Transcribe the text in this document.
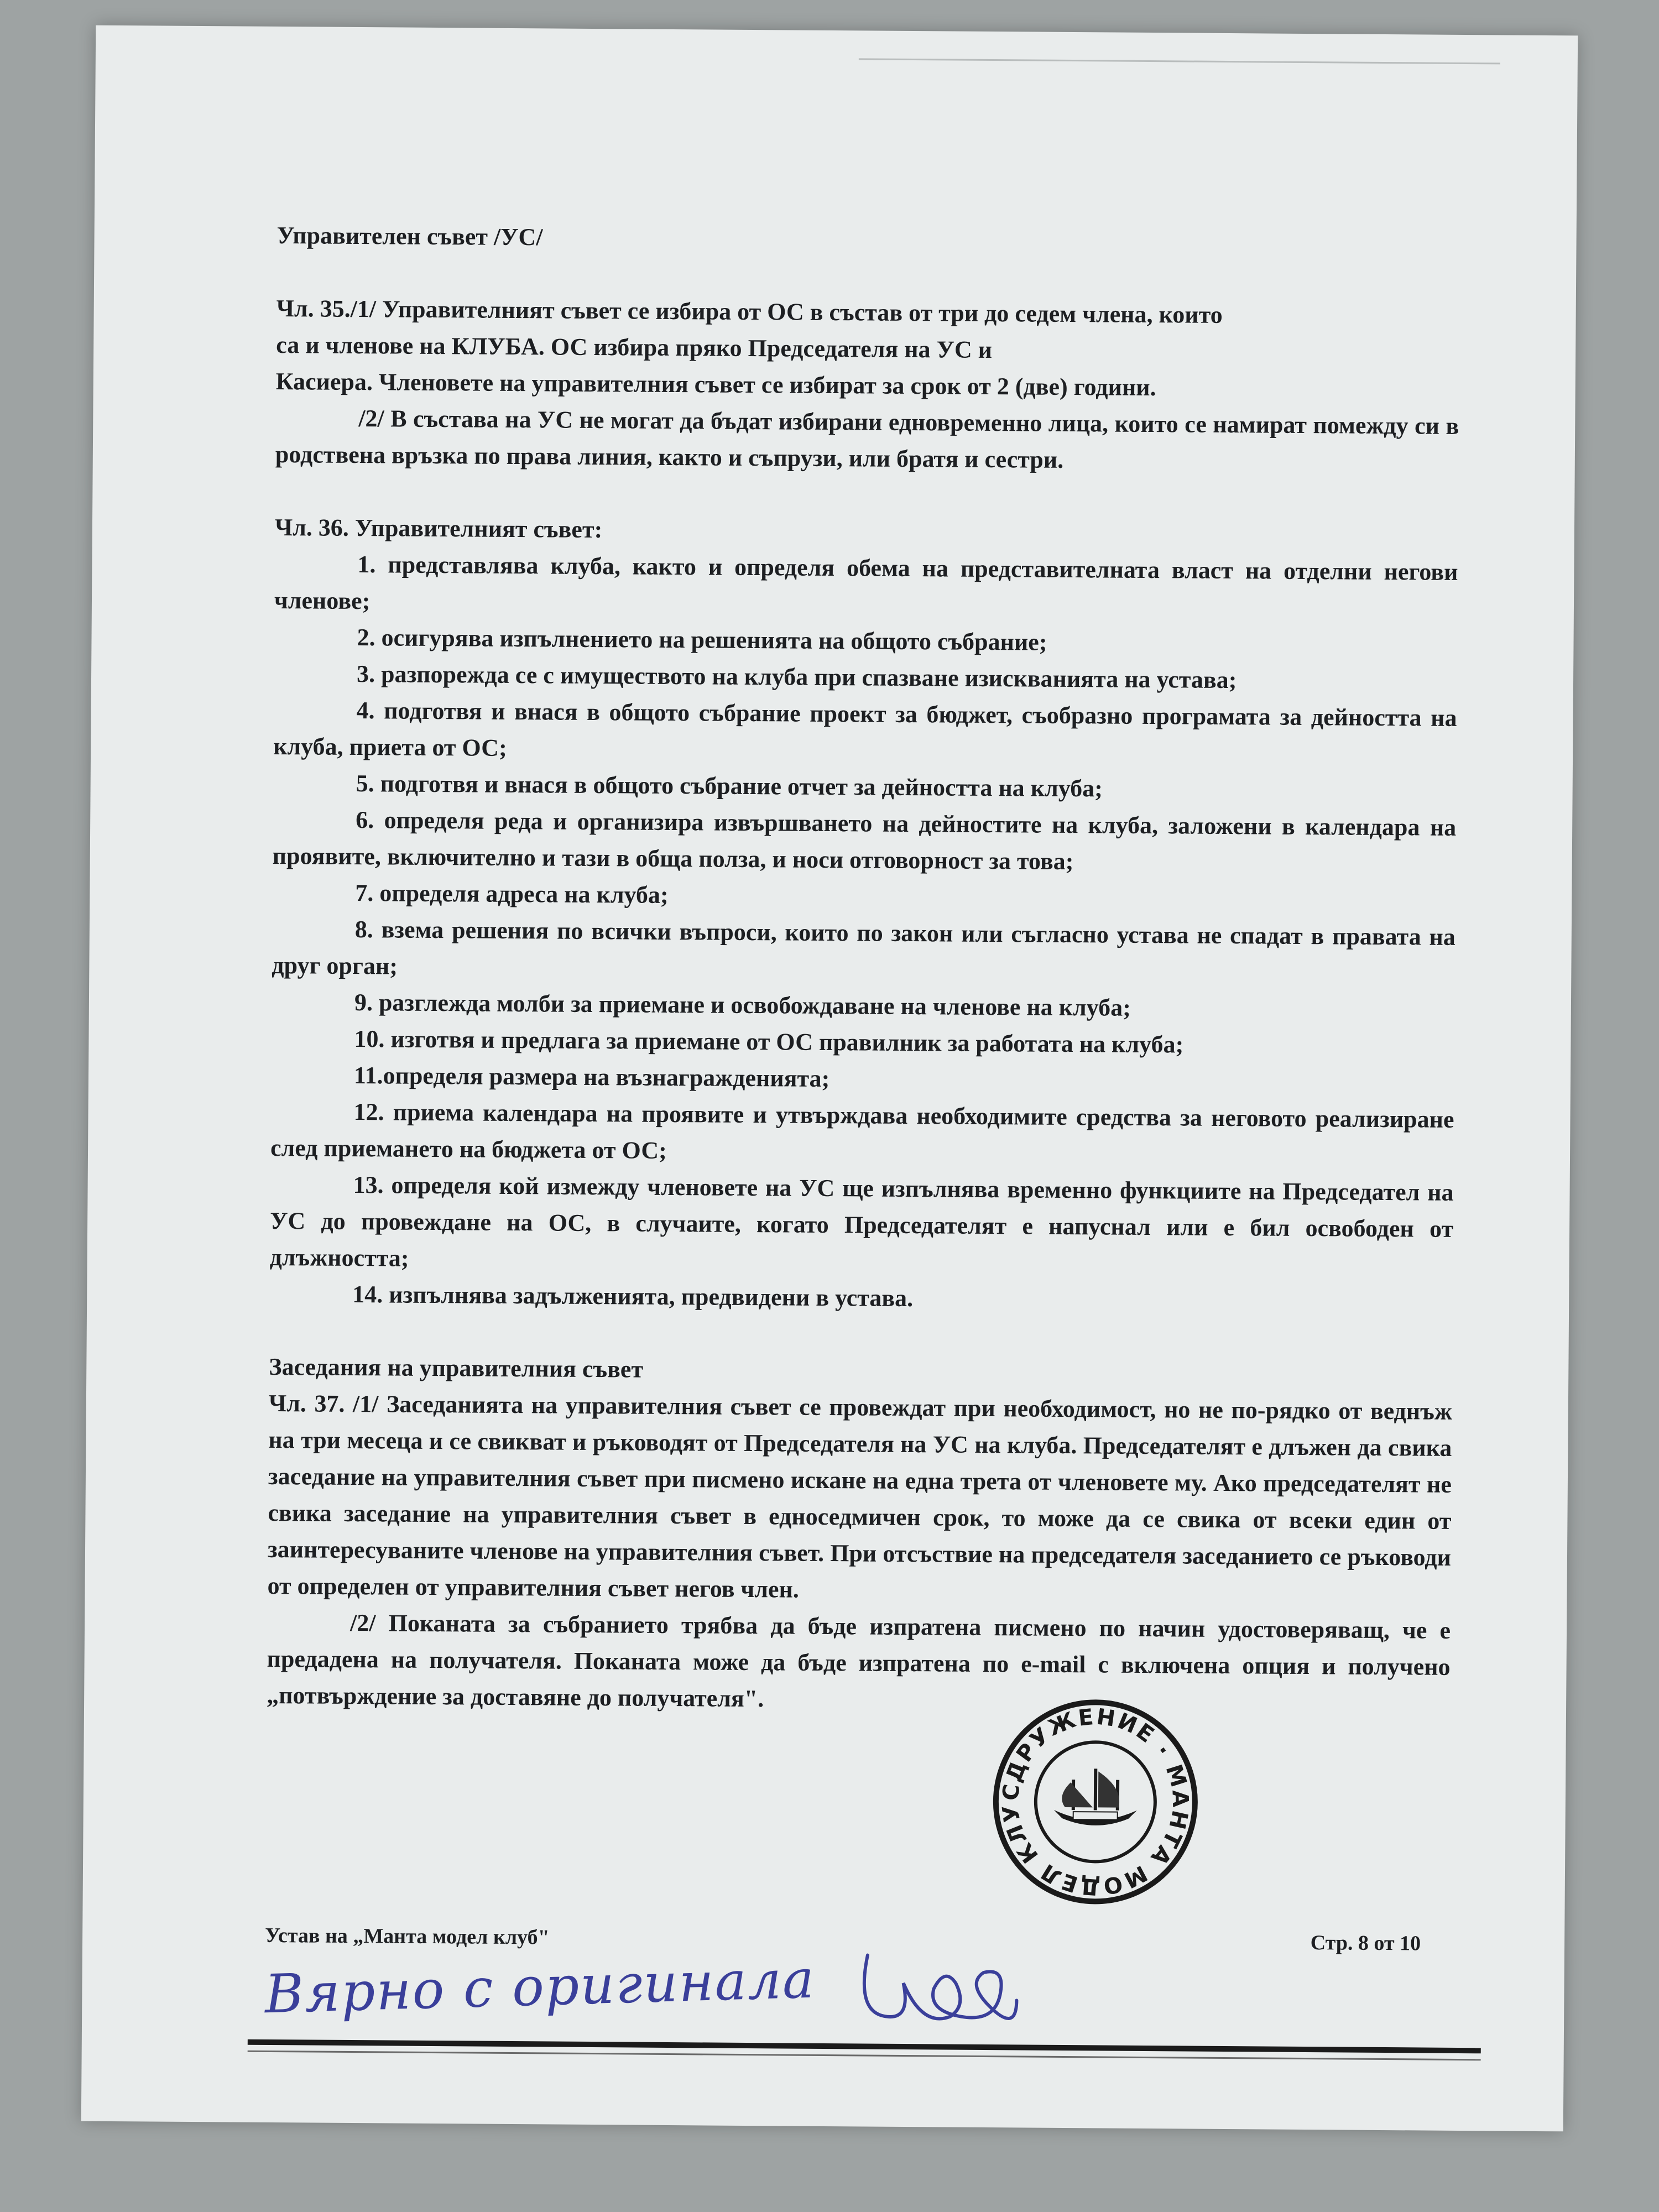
Управителен съвет /УС/

Чл. 35./1/ Управителният съвет се избира от ОС в състав от три до седем члена, които

са и членове на КЛУБА. ОС избира пряко Председателя на УС и

Касиера. Членовете на управителния съвет се избират за срок от 2 (две) години.

/2/ В състава на УС не могат да бъдат избирани едновременно лица, които се намират помежду си в родствена връзка по права линия, както и съпрузи, или братя и сестри.

Чл. 36. Управителният съвет:

1. представлява клуба, както и определя обема на представителната власт на отделни негови членове;

2. осигурява изпълнението на решенията на общото събрание;

3. разпорежда се с имуществото на клуба при спазване изискванията на устава;

4. подготвя и внася в общото събрание проект за бюджет, съобразно програмата за дейността на клуба, приета от ОС;

5. подготвя и внася в общото събрание отчет за дейността на клуба;

6. определя реда и организира извършването на дейностите на клуба, заложени в календара на проявите, включително и тази в обща полза, и носи отговорност за това;

7. определя адреса на клуба;

8. взема решения по всички въпроси, които по закон или съгласно устава не спадат в правата на друг орган;

9. разглежда молби за приемане и освобождаване на членове на клуба;

10. изготвя и предлага за приемане от ОС правилник за работата на клуба;

11.определя размера на възнагражденията;

12. приема календара на проявите и утвърждава необходимите средства за неговото реализиране след приемането на бюджета от ОС;

13. определя кой измежду членовете на УС ще изпълнява временно функциите на Председател на УС до провеждане на ОС, в случаите, когато Председателят е напуснал или е бил освободен от длъжността;

14. изпълнява задълженията, предвидени в устава.

Заседания на управителния съвет

Чл. 37. /1/ Заседанията на управителния съвет се провеждат при необходимост, но не по-рядко от веднъж на три месеца и се свикват и ръководят от Председателя на УС на клуба. Председателят е длъжен да свика заседание на управителния съвет при писмено искане на една трета от членовете му. Ако председателят не свика заседание на управителния съвет в едноседмичен срок, то може да се свика от всеки един от заинтересуваните членове на управителния съвет. При отсъствие на председателя заседанието се ръководи от определен от управителния съвет негов член.

/2/ Поканата за събранието трябва да бъде изпратена писмено по начин удостоверяващ, че е предадена на получателя. Поканата може да бъде изпратена по e-mail с включена опция и получено „потвърждение за доставяне до получателя".

СДРУЖЕНИЕ · МАНТА МОДЕЛ КЛУБ
Устав на „Манта модел клуб"	Стр. 8 от 10
Вярно с оригинала
